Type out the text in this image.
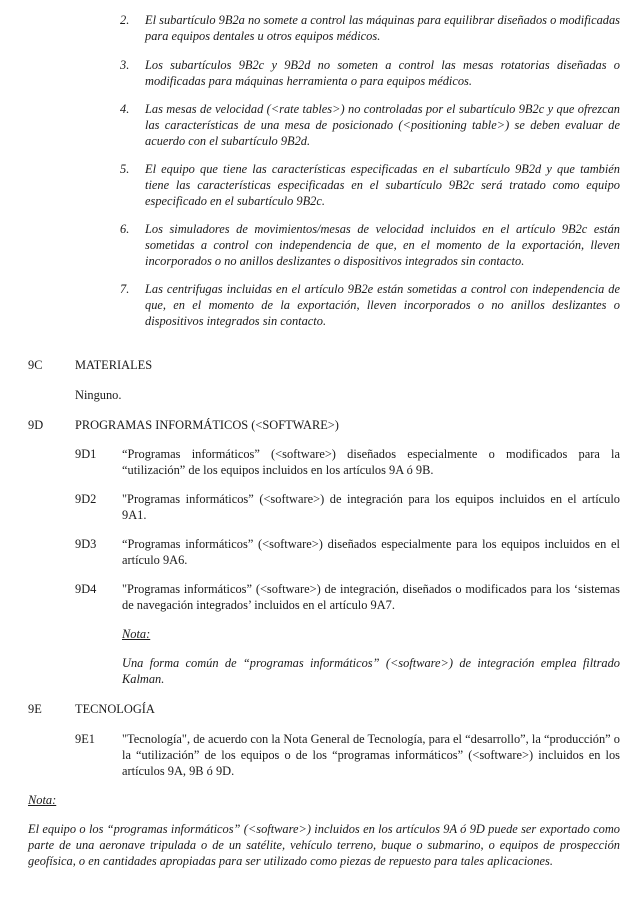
2. El subartículo 9B2a no somete a control las máquinas para equilibrar diseñados o modificadas para equipos dentales u otros equipos médicos.
3. Los subartículos 9B2c y 9B2d no someten a control las mesas rotatorias diseñadas o modificadas para máquinas herramienta o para equipos médicos.
4. Las mesas de velocidad (<rate tables>) no controladas por el subartículo 9B2c y que ofrezcan las características de una mesa de posicionado (<positioning table>) se deben evaluar de acuerdo con el subartículo 9B2d.
5. El equipo que tiene las características especificadas en el subartículo 9B2d y que también tiene las características especificadas en el subartículo 9B2c será tratado como equipo especificado en el subartículo 9B2c.
6. Los simuladores de movimientos/mesas de velocidad incluidos en el artículo 9B2c están sometidas a control con independencia de que, en el momento de la exportación, lleven incorporados o no anillos deslizantes o dispositivos integrados sin contacto.
7. Las centrifugas incluidas en el artículo 9B2e están sometidas a control con independencia de que, en el momento de la exportación, lleven incorporados o no anillos deslizantes o dispositivos integrados sin contacto.
9C	MATERIALES
Ninguno.
9D	PROGRAMAS INFORMÁTICOS (<SOFTWARE>)
9D1 “Programas informáticos” (<software>) diseñados especialmente o modificados para la “utilización” de los equipos incluidos en los artículos 9A ó 9B.
9D2 "Programas informáticos” (<software>) de integración para los equipos incluidos en el artículo 9A1.
9D3 “Programas informáticos” (<software>) diseñados especialmente para los equipos incluidos en el artículo 9A6.
9D4 "Programas informáticos” (<software>) de integración, diseñados o modificados para los ‘sistemas de navegación integrados’ incluidos en el artículo 9A7.
Nota:
Una forma común de “programas informáticos” (<software>) de integración emplea filtrado Kalman.
9E	TECNOLOGÍA
9E1 "Tecnología", de acuerdo con la Nota General de Tecnología, para el “desarrollo”, la “producción” o la “utilización” de los equipos o de los “programas informáticos” (<software>) incluidos en los artículos 9A, 9B ó 9D.
Nota:
El equipo o los “programas informáticos” (<software>) incluidos en los artículos 9A ó 9D puede ser exportado como parte de una aeronave tripulada o de un satélite, vehículo terreno, buque o submarino, o equipos de prospección geofísica, o en cantidades apropiadas para ser utilizado como piezas de repuesto para tales aplicaciones.
